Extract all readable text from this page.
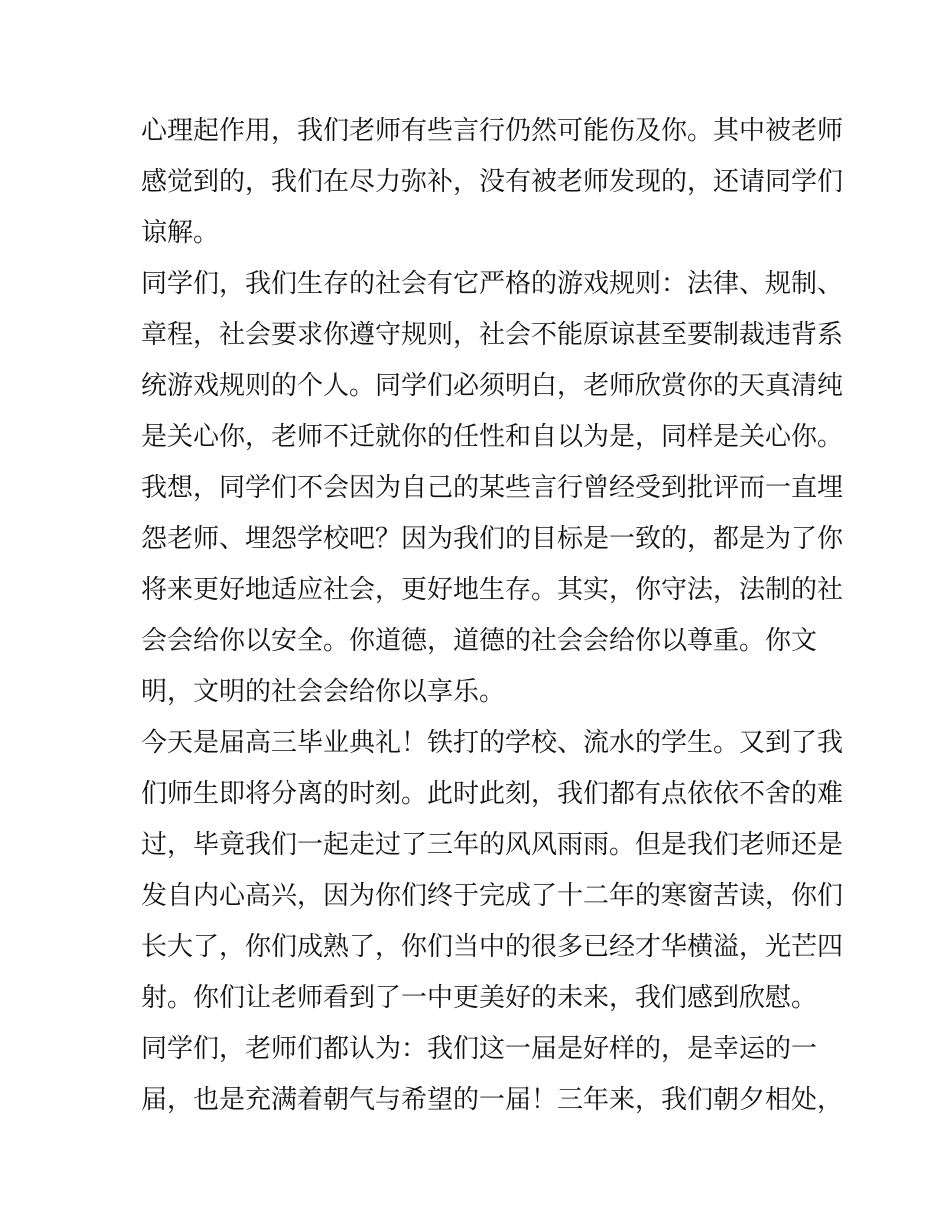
心理起作用，我们老师有些言行仍然可能伤及你。其中被老师
感觉到的，我们在尽力弥补，没有被老师发现的，还请同学们
谅解。
同学们，我们生存的社会有它严格的游戏规则：法律、规制、
章程，社会要求你遵守规则，社会不能原谅甚至要制裁违背系
统游戏规则的个人。同学们必须明白，老师欣赏你的天真清纯
是关心你，老师不迁就你的任性和自以为是，同样是关心你。
我想，同学们不会因为自己的某些言行曾经受到批评而一直埋
怨老师、埋怨学校吧？因为我们的目标是一致的，都是为了你
将来更好地适应社会，更好地生存。其实，你守法，法制的社
会会给你以安全。你道德，道德的社会会给你以尊重。你文
明，文明的社会会给你以享乐。
今天是届高三毕业典礼！铁打的学校、流水的学生。又到了我
们师生即将分离的时刻。此时此刻，我们都有点依依不舍的难
过，毕竟我们一起走过了三年的风风雨雨。但是我们老师还是
发自内心高兴，因为你们终于完成了十二年的寒窗苦读，你们
长大了，你们成熟了，你们当中的很多已经才华横溢，光芒四
射。你们让老师看到了一中更美好的未来，我们感到欣慰。
同学们，老师们都认为：我们这一届是好样的，是幸运的一
届，也是充满着朝气与希望的一届！三年来，我们朝夕相处，
